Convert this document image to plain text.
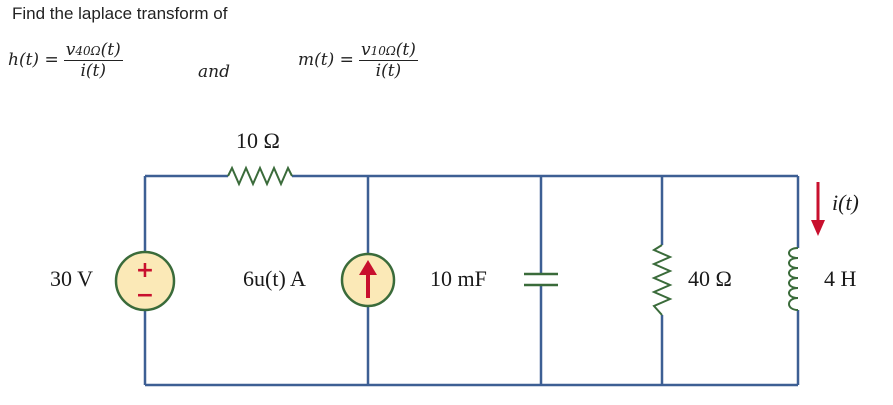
Find the laplace transform of
$h(t) = \frac{v40\Omega(t)}{i(t)}$	and
$m(t) = \frac{v10\Omega(t)}{i(t)}$
+
−
10 Ω
30 V	6u(t) A	10 mF	40 Ω	4 H
i(t)
